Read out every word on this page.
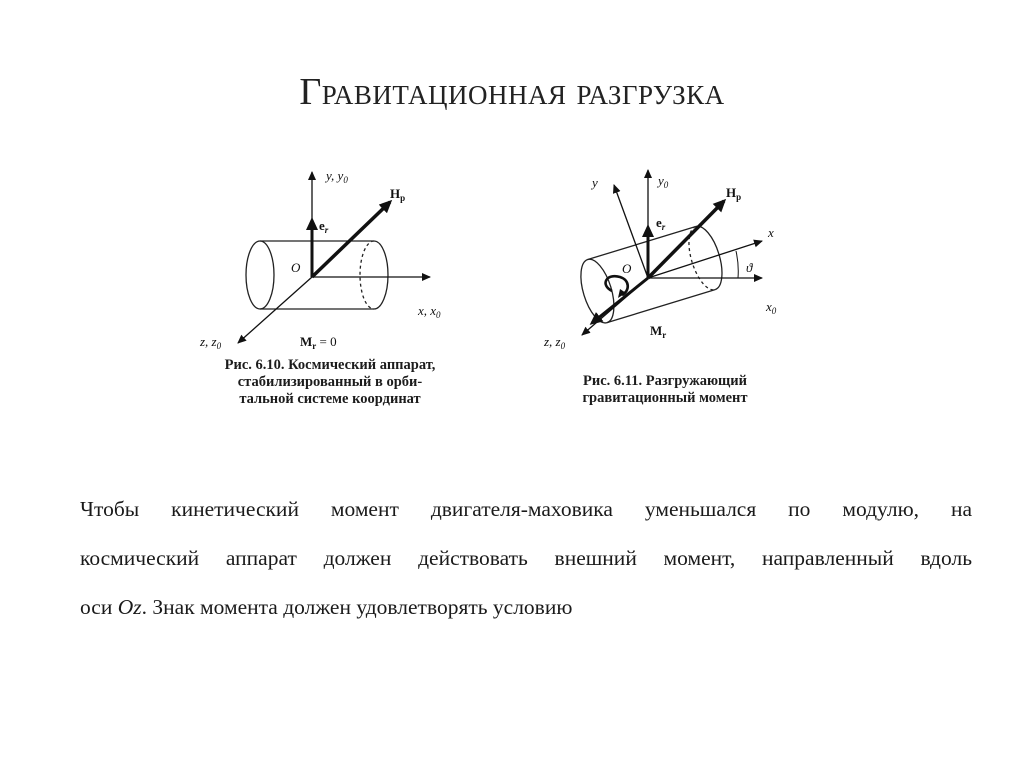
Гравитационная разгрузка
y, $y_0$
$e_r$
$H_p$
O
x, $x_0$
z, $z_0$	$M_r = 0$
Рис. 6.10. Космический аппарат,
стабилизированный в орби-
тальной системе координат
y	$y_0$
$e_r$
$H_p$
x
O	ϑ
$x_0$
z, $z_0$
$M_r$
Рис. 6.11. Разгружающий
гравитационный момент
Чтобы кинетический момент двигателя-маховика уменьшался по модулю, на
космический аппарат должен действовать внешний момент, направленный вдоль
оси Oz. Знак момента должен удовлетворять условию
